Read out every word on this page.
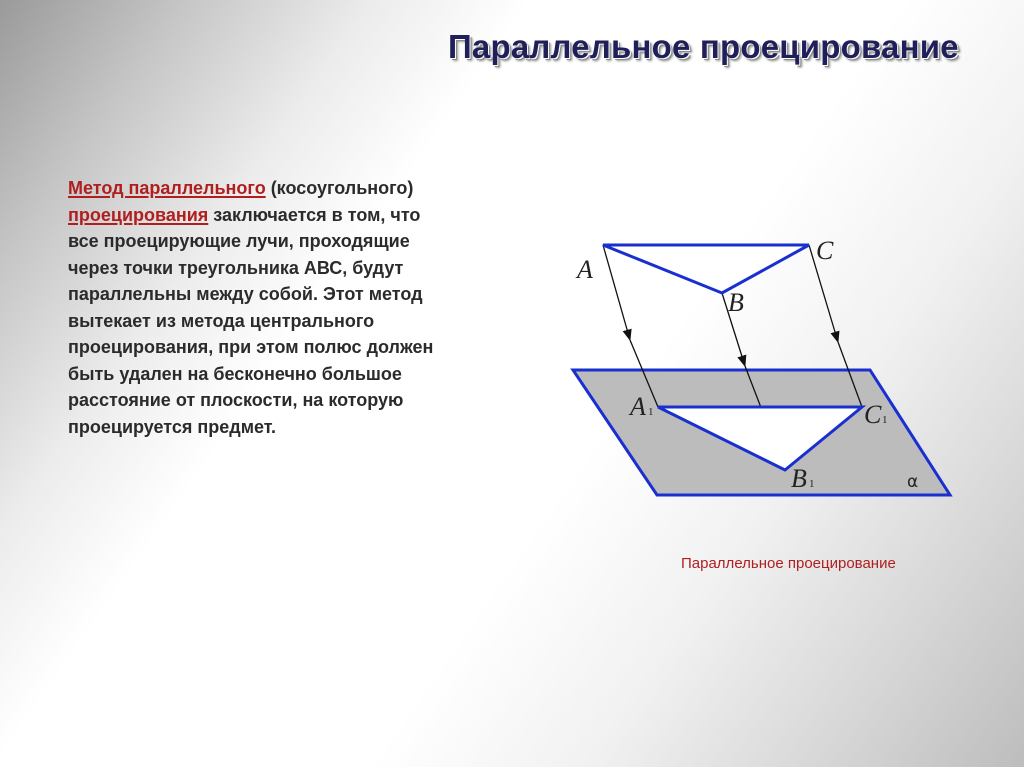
Параллельное проецирование

Метод параллельного (косоугольного) проецирования заключается в том, что все проецирующие лучи, проходящие через точки треугольника АВС, будут параллельны между собой. Этот метод вытекает из метода центрального проецирования, при этом полюс должен быть удален на бесконечно большое расстояние от плоскости, на которую проецируется предмет.

A
B
C
A 1
B 1
C 1
α
Параллельное проецирование
